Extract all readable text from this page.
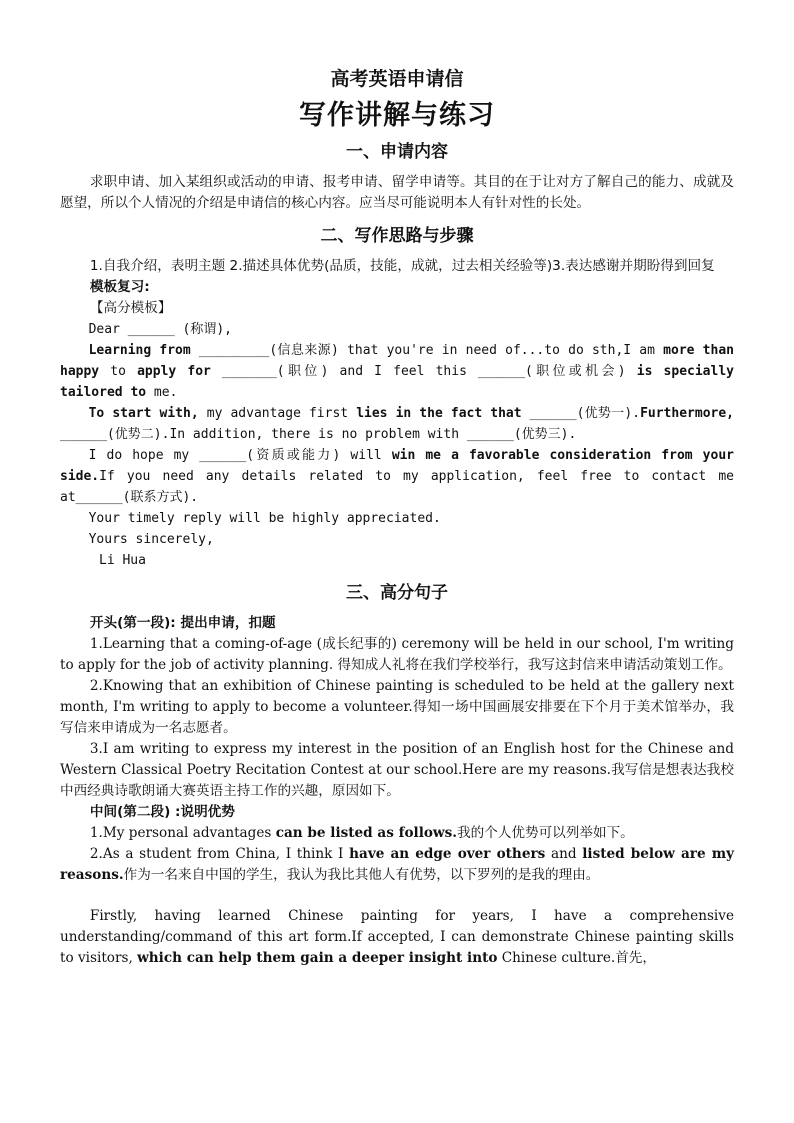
高考英语申请信
写作讲解与练习
一、申请内容

求职申请、加入某组织或活动的申请、报考申请、留学申请等。其目的在于让对方了解自己的能力、成就及愿望，所以个人情况的介绍是申请信的核心内容。应当尽可能说明本人有针对性的长处。

二、写作思路与步骤

1.自我介绍，表明主题 2.描述具体优势(品质，技能，成就，过去相关经验等)3.表达感谢并期盼得到回复

模板复习:

【高分模板】

Dear ______ (称谓),

Learning from _________(信息来源) that you're in need of...to do sth,I am more than happy to apply for _______(职位) and I feel this ______(职位或机会) is specially tailored to me.

To start with, my advantage first lies in the fact that ______(优势一).Furthermore, ______(优势二).In addition, there is no problem with ______(优势三).

I do hope my ______(资质或能力) will win me a favorable consideration from your side.If you need any details related to my application, feel free to contact me at______(联系方式).

Your timely reply will be highly appreciated.

Yours sincerely,

Li Hua

三、高分句子

开头(第一段): 提出申请，扣题

1.Learning that a coming-of-age (成长纪事的) ceremony will be held in our school, I'm writing to apply for the job of activity planning. 得知成人礼将在我们学校举行，我写这封信来申请活动策划工作。

2.Knowing that an exhibition of Chinese painting is scheduled to be held at the gallery next month, I'm writing to apply to become a volunteer.得知一场中国画展安排要在下个月于美术馆举办，我写信来申请成为一名志愿者。

3.I am writing to express my interest in the position of an English host for the Chinese and Western Classical Poetry Recitation Contest at our school.Here are my reasons.我写信是想表达我校中西经典诗歌朗诵大赛英语主持工作的兴趣，原因如下。

中间(第二段) :说明优势

1.My personal advantages can be listed as follows.我的个人优势可以列举如下。

2.As a student from China, I think I have an edge over others and listed below are my reasons.作为一名来自中国的学生，我认为我比其他人有优势，以下罗列的是我的理由。

Firstly, having learned Chinese painting for years, I have a comprehensive understanding/command of this art form.If accepted, I can demonstrate Chinese painting skills to visitors, which can help them gain a deeper insight into Chinese culture.首先，
